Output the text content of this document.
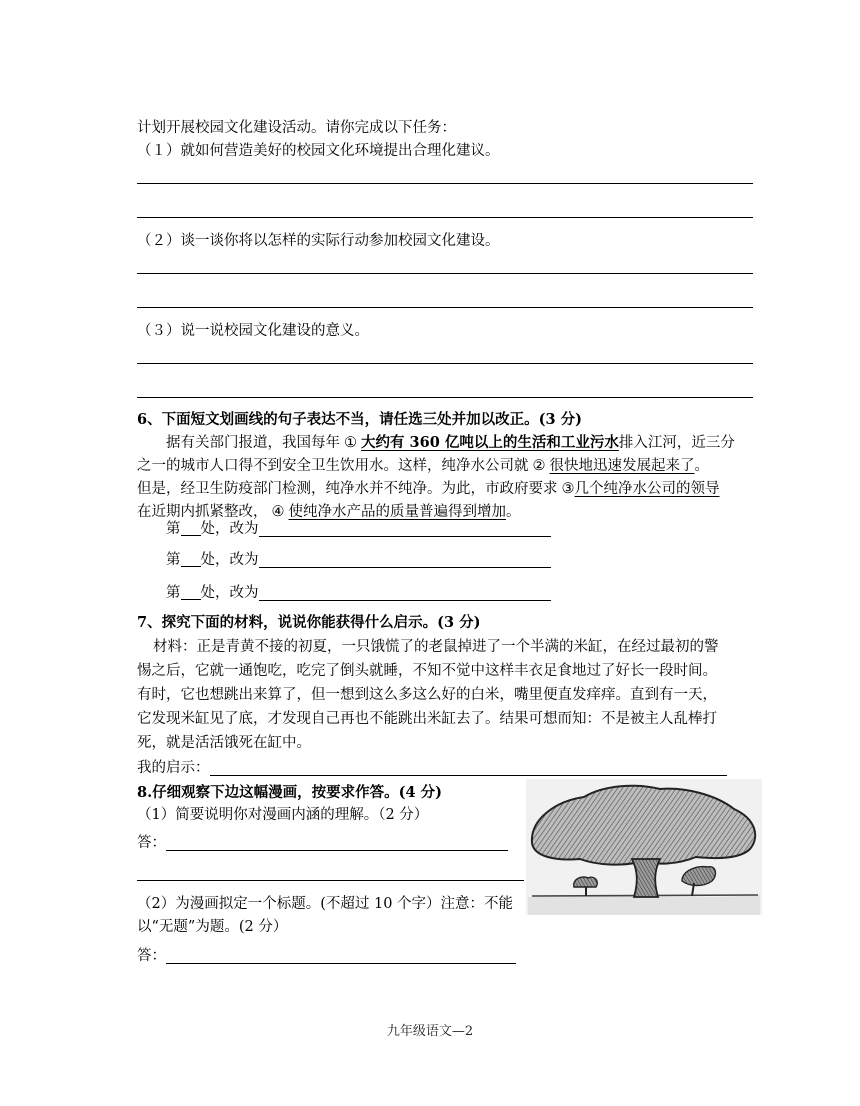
计划开展校园文化建设活动。请你完成以下任务：
（１）就如何营造美好的校园文化环境提出合理化建议。
（２）谈一谈你将以怎样的实际行动参加校园文化建设。
（３）说一说校园文化建设的意义。
6、下面短文划画线的句子表达不当，请任选三处并加以改正。(3 分)
据有关部门报道，我国每年 ① 大约有 360 亿吨以上的生活和工业污水排入江河，近三分
之一的城市人口得不到安全卫生饮用水。这样，纯净水公司就 ② 很快地迅速发展起来了。
但是，经卫生防疫部门检测，纯净水并不纯净。为此，市政府要求 ③几个纯净水公司的领导
在近期内抓紧整改， ④ 使纯净水产品的质量普遍得到增加。
第 处，改为
第 处，改为
第 处，改为
7、探究下面的材料，说说你能获得什么启示。(3 分)
材料：正是青黄不接的初夏，一只饿慌了的老鼠掉进了一个半满的米缸，在经过最初的警
惕之后，它就一通饱吃，吃完了倒头就睡，不知不觉中这样丰衣足食地过了好长一段时间。
有时，它也想跳出来算了，但一想到这么多这么好的白米，嘴里便直发痒痒。直到有一天，
它发现米缸见了底，才发现自己再也不能跳出米缸去了。结果可想而知：不是被主人乱棒打
死，就是活活饿死在缸中。
我的启示：
8.仔细观察下边这幅漫画，按要求作答。(4 分)
（1）简要说明你对漫画内涵的理解。（2 分）
答：
（2）为漫画拟定一个标题。(不超过 10 个字）注意：不能
以“无题”为题。(2 分）
答：
九年级语文—2
